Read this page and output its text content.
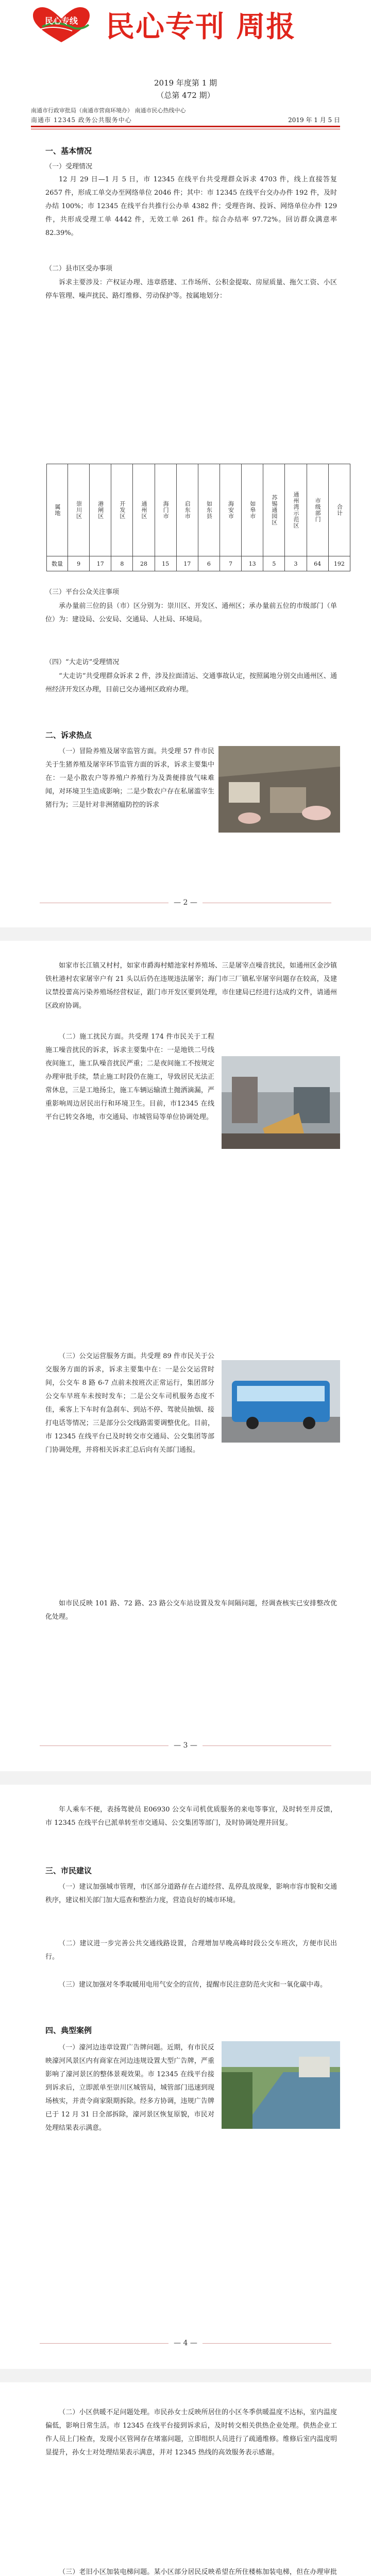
民心专线 民心专刊 周报
2019 年度第 1 期
（总第 472 期）
南通市行政审批局（南通市营商环境办） 南通市民心热线中心
南通市 12345 政务公共服务中心	2019 年 1 月 5 日
一、基本情况
（一）受理情况

12 月 29 日—1 月 5 日，市 12345 在线平台共受理群众诉求 4703 件，线上直接答复 2657 件，形成工单交办至网络单位 2046 件；其中：市 12345 在线平台交办办件 192 件，及时办结 100%；市 12345 在线平台共推行公办单 4382 件；受理咨询、投诉、网络单位办件 129 件，共形成受理工单 4442 件，无效工单 261 件。综合办结率 97.72%。回访群众满意率 82.39%。

（二）县市区受办事项

诉求主要涉及：产权证办理、违章搭建、工作场所、公积金提取、房屋质量、拖欠工资、小区停车管理、噪声扰民、路灯维修、劳动保护等。按属地划分：

属地	崇川区	港闸区	开发区	通州区	海门市	启东市	如东县	海安市	如皋市	苏锡通园区	通州湾示范区	市级部门	合计

数量	9	17	8	28	15	17	6	7	13	5	3	64	192
（三）平台公众关注事项

承办量前三位的县（市）区分别为：崇川区、开发区、通州区；承办量前五位的市级部门（单位）为：建设局、公安局、交通局、人社局、环境局。

（四）“大走访”受理情况

“大走访”共受理群众诉求 2 件，涉及拉面清运、交通事故认定，按照属地分别交由通州区、通州经济开发区办理，目前已交办通州区政府办理。

二、诉求热点

（一）冒险养殖及屠宰监管方面。共受理 57 件市民关于生猪养殖及屠宰环节监管方面的诉求，诉求主要集中在：一是小散农户等养殖户养殖行为及粪便排放气味难闻，对环境卫生造成影响；二是少数农户存在私屠滥宰生猪行为；三是针对非洲猪瘟防控的诉求

— 2 —

如家市长江镇又村村，如家市爵海村蜡池家村养殖场、三是屠宰点噪音扰民，如通州区金沙镇铁杜港村农家屠宰户有 21 头以后仍在违规违法屠宰；海门市三厂镇私宰屠宰问题存在较高，及建议禁投蕾高污染养殖场经营权证，跟门市开发区要到处理，市住建局已经进行达成约文件，请通州区政府协调。

（二）施工扰民方面。共受理 174 件市民关于工程施工噪音扰民的诉求，诉求主要集中在：一是地铁二号线夜间施工，施工队噪音扰民严重；二是夜间施工不按规定办理审批手续，禁止施工时段仍在施工，导致居民无法正常休息，三是工地扬尘，施工车辆运输渣土抛洒滴漏，严重影响周边居民出行和环境卫生。目前，市12345 在线平台已转交各地，市交通局、市城管局等单位协调处理。

（三）公交运营服务方面。共受理 89 件市民关于公交服务方面的诉求，诉求主要集中在：一是公交运营时间，公交车 8 路 6-7 点前未按班次正常运行，集团部分公交车早班车未按时发车；二是公交车司机服务态度不佳，乘客上下车时有急刹车、到站不停、驾驶员抽烟、接打电话等情况；三是部分公交线路需要调整优化。目前，市 12345 在线平台已及时转交市交通局、公交集团等部门协调处理，并将相关诉求汇总后向有关部门通报。

如市民反映 101 路、72 路、23 路公交车站设置及发车间隔问题，经调查核实已安排整改优化处理。

— 3 —

年人乘车不便，表扬驾驶员 E06930 公交车司机优质服务的来电等事宜，及时转至并反馈，市 12345 在线平台已派单转至市交通局、公交集团等部门，及时协调处理并回复。

三、市民建议

（一）建议加强城市管理，市区部分道路存在占道经营、乱停乱放现象，影响市容市貌和交通秩序，建议相关部门加大巡查和整治力度，营造良好的城市环境。

（二）建议进一步完善公共交通线路设置，合理增加早晚高峰时段公交车班次，方便市民出行。

（三）建议加强对冬季取暖用电用气安全的宣传，提醒市民注意防范火灾和一氧化碳中毒。

四、典型案例

（一）濠河边违章设置广告牌问题。近期，有市民反映濠河风景区内有商家在河边违规设置大型广告牌，严重影响了濠河景区的整体景观效果。市 12345 在线平台接到诉求后，立即派单至崇川区城管局，城管部门迅速到现场核实，并责令商家限期拆除。经多方协调，违规广告牌已于 12 月 31 日全部拆除，濠河景区恢复原貌，市民对处理结果表示满意。

— 4 —

（二）小区供暖不足问题处理。市民孙女士反映所居住的小区冬季供暖温度不达标，室内温度偏低，影响日常生活。市 12345 在线平台接到诉求后，及时转交相关供热企业处理。供热企业工作人员上门检查，发现小区管网存在堵塞问题，立即组织人员进行了疏通维修。维修后室内温度明显提升，孙女士对处理结果表示满意，并对 12345 热线的高效服务表示感谢。

（三）老旧小区加装电梯问题。某小区部分居民反映希望在所住楼栋加装电梯，但在办理审批
